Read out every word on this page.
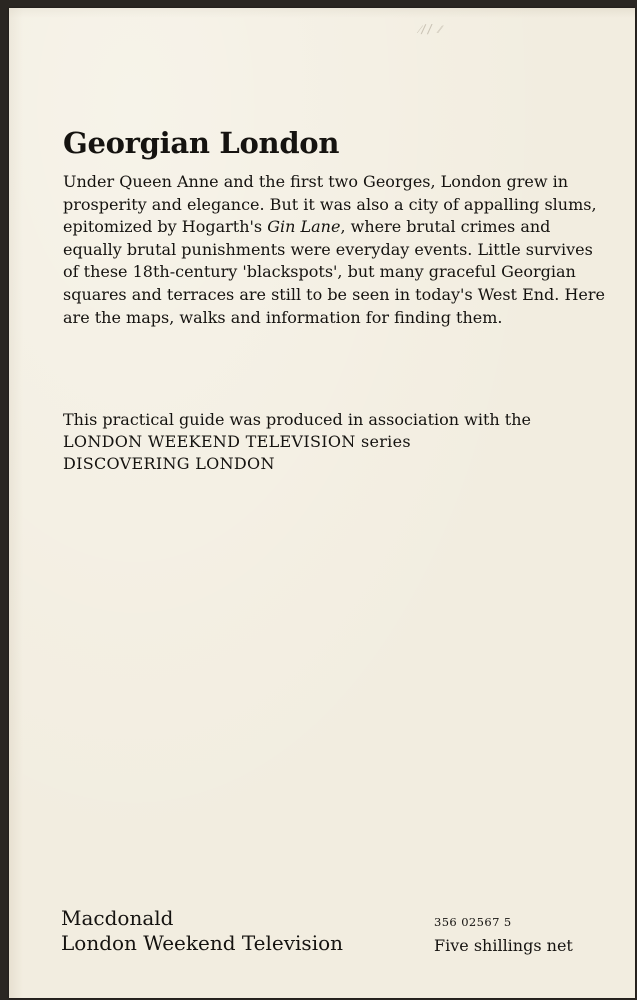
⁄∕/ ⁄⁄
Georgian London

Under Queen Anne and the first two Georges, London grew in prosperity and elegance. But it was also a city of appalling slums, epitomized by Hogarth's Gin Lane, where brutal crimes and equally brutal punishments were everyday events. Little survives of these 18th-century 'blackspots', but many graceful Georgian squares and terraces are still to be seen in today's West End. Here are the maps, walks and information for finding them.

This practical guide was produced in association with the
LONDON WEEKEND TELEVISION series
DISCOVERING LONDON

Macdonald
London Weekend Television

356 02567 5
Five shillings net
